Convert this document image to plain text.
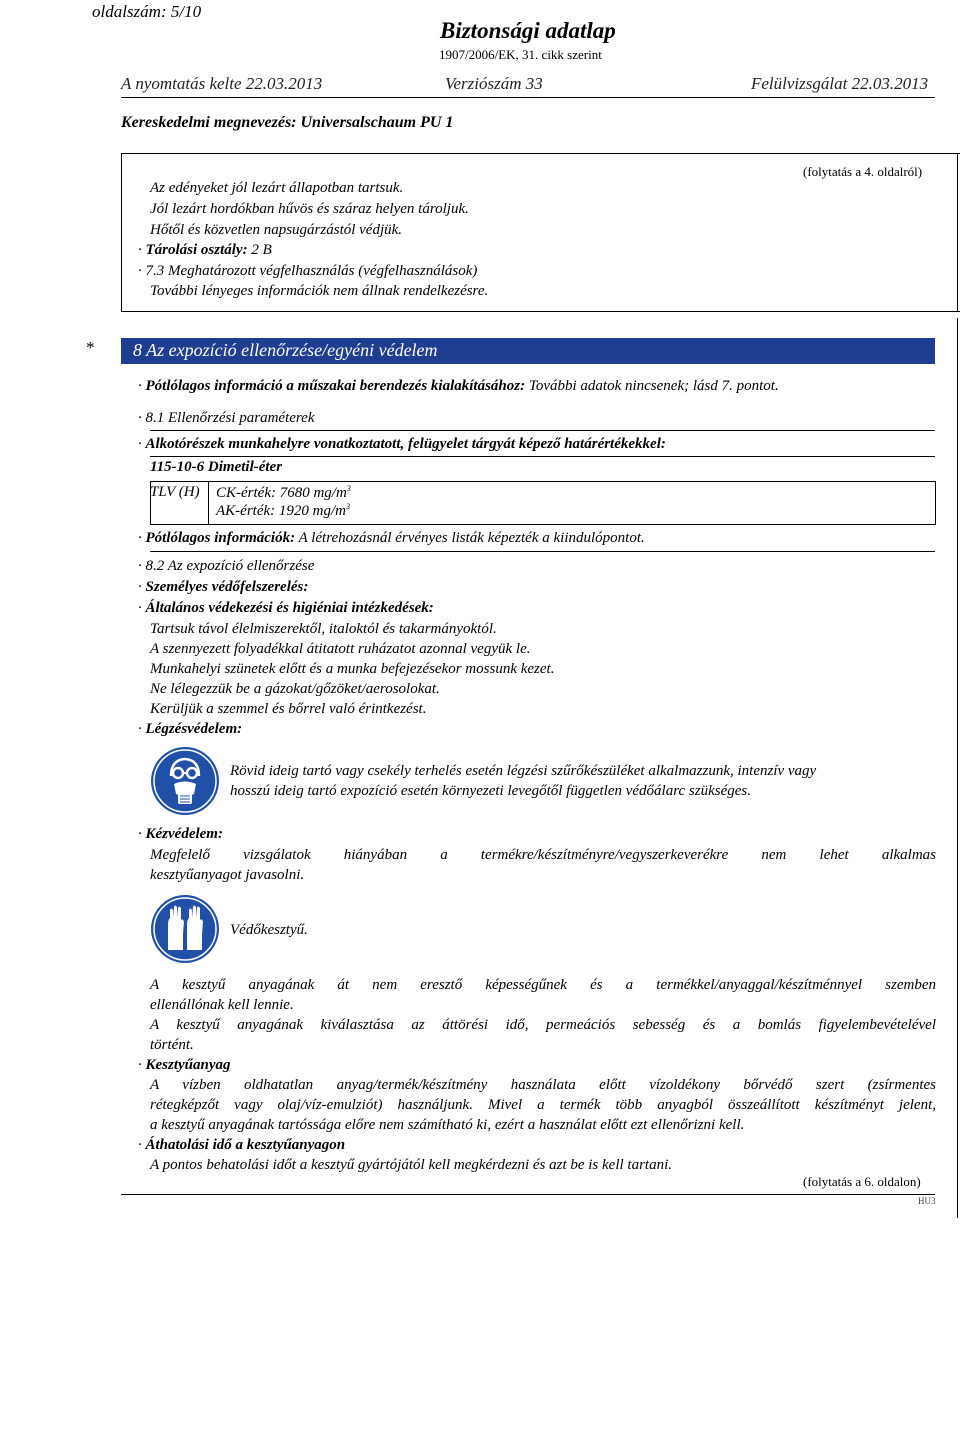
oldalszám: 5/10
Biztonsági adatlap
1907/2006/EK, 31. cikk szerint
A nyomtatás kelte 22.03.2013	Verziószám 33	Felülvizsgálat 22.03.2013
Kereskedelmi megnevezés: Universalschaum PU 1
(folytatás a 4. oldalról)
Az edényeket jól lezárt állapotban tartsuk.
Jól lezárt hordókban hűvös és száraz helyen tároljuk.
Hőtől és közvetlen napsugárzástól védjük.
· Tárolási osztály: 2 B
· 7.3 Meghatározott végfelhasználás (végfelhasználások)
További lényeges információk nem állnak rendelkezésre.
* 8 Az expozíció ellenőrzése/egyéni védelem
· Pótlólagos információ a műszakai berendezés kialakításához: További adatok nincsenek; lásd 7. pontot.
· 8.1 Ellenőrzési paraméterek
· Alkotórészek munkahelyre vonatkoztatott, felügyelet tárgyát képező határértékekkel:
115-10-6 Dimetil-éter
TLV (H) CK-érték: 7680 $mg/m^3$
AK-érték: 1920 $mg/m^3$
· Pótlólagos információk: A létrehozásnál érvényes listák képezték a kiindulópontot.
· 8.2 Az expozíció ellenőrzése
· Személyes védőfelszerelés:
· Általános védekezési és higiéniai intézkedések:
Tartsuk távol élelmiszerektől, italoktól és takarmányoktól.
A szennyezett folyadékkal átitatott ruházatot azonnal vegyük le.
Munkahelyi szünetek előtt és a munka befejezésekor mossunk kezet.
Ne lélegezzük be a gázokat/gőzöket/aerosolokat.
Kerüljük a szemmel és bőrrel való érintkezést.
· Légzésvédelem:
Rövid ideig tartó vagy csekély terhelés esetén légzési szűrőkészüléket alkalmazzunk, intenzív vagy
hosszú ideig tartó expozíció esetén környezeti levegőtől független védőálarc szükséges.
· Kézvédelem:
Megfelelő vizsgálatok hiányában a termékre/készítményre/vegyszerkeverékre nem lehet alkalmas
kesztyűanyagot javasolni.
Védőkesztyű.
A kesztyű anyagának át nem eresztő képességűnek és a termékkel/anyaggal/készítménnyel szemben
ellenállónak kell lennie.
A kesztyű anyagának kiválasztása az áttörési idő, permeációs sebesség és a bomlás figyelembevételével
történt.
· Kesztyűanyag
A vízben oldhatatlan anyag/termék/készítmény használata előtt vízoldékony bőrvédő szert (zsírmentes
rétegképzőt vagy olaj/víz-emulziót) használjunk. Mivel a termék több anyagból összeállított készítményt jelent,
a kesztyű anyagának tartóssága előre nem számítható ki, ezért a használat előtt ezt ellenőrizni kell.
· Áthatolási idő a kesztyűanyagon
A pontos behatolási időt a kesztyű gyártójától kell megkérdezni és azt be is kell tartani.
(folytatás a 6. oldalon)
HU3
